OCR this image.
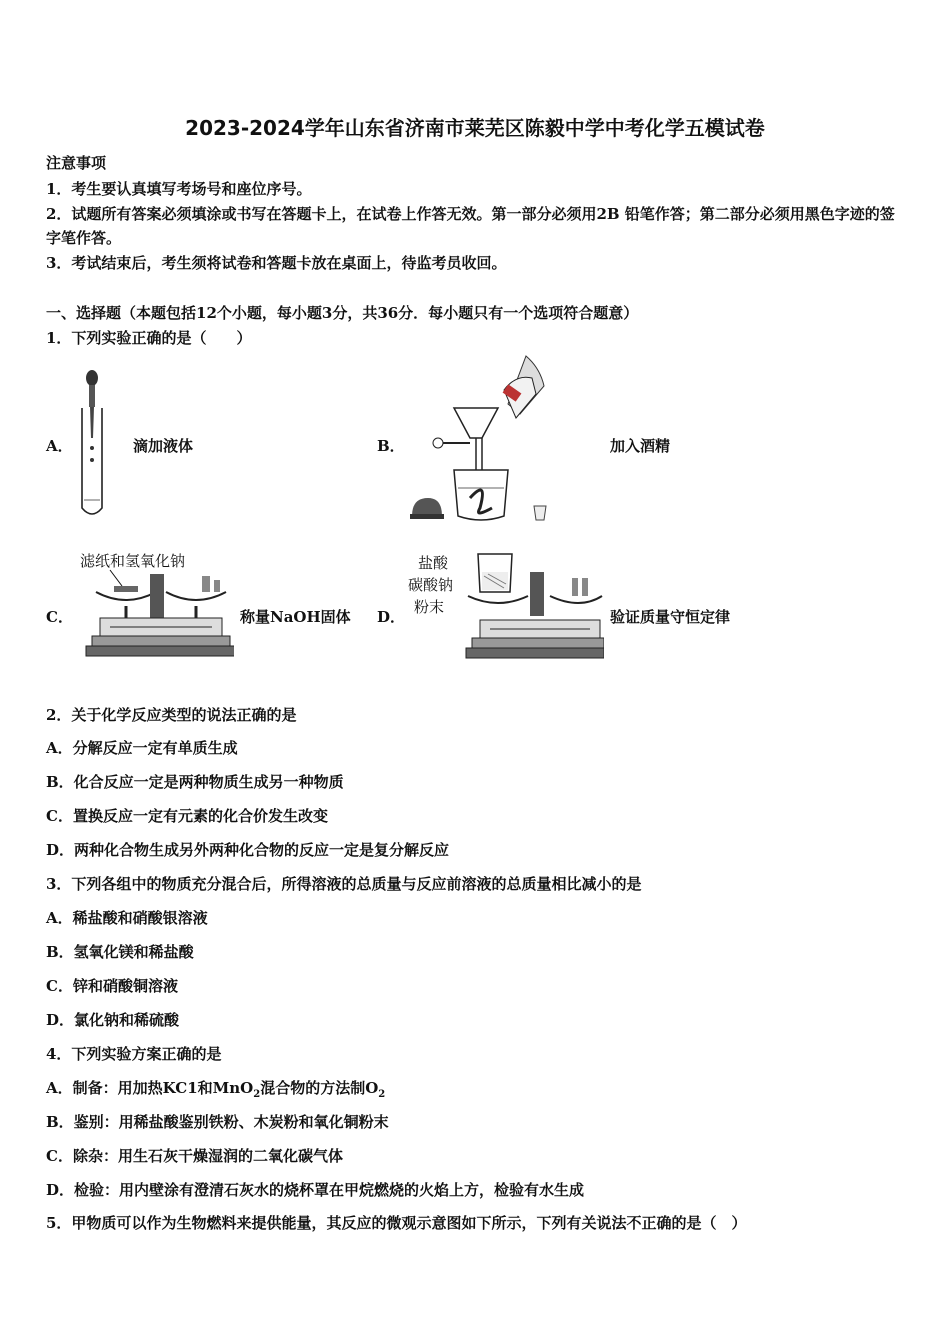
2023-2024学年山东省济南市莱芜区陈毅中学中考化学五模试卷
注意事项
1．考生要认真填写考场号和座位序号。
2．试题所有答案必须填涂或书写在答题卡上，在试卷上作答无效。第一部分必须用2B 铅笔作答；第二部分必须用黑色字迹的签字笔作答。
3．考试结束后，考生须将试卷和答题卡放在桌面上，待监考员收回。
一、选择题（本题包括12个小题，每小题3分，共36分．每小题只有一个选项符合题意）
1．下列实验正确的是（　　）
A．	滴加液体	B．	加入酒精
C．
滤纸和氢氧化钠
称量NaOH固体 D．
盐酸
碳酸钠
粉末
验证质量守恒定律
2．关于化学反应类型的说法正确的是
A．分解反应一定有单质生成
B．化合反应一定是两种物质生成另一种物质
C．置换反应一定有元素的化合价发生改变
D．两种化合物生成另外两种化合物的反应一定是复分解反应
3．下列各组中的物质充分混合后，所得溶液的总质量与反应前溶液的总质量相比减小的是
A．稀盐酸和硝酸银溶液
B．氢氧化镁和稀盐酸
C．锌和硝酸铜溶液
D．氯化钠和稀硫酸
4．下列实验方案正确的是
A．制备：用加热KC1和MnO$_2$混合物的方法制$O_2$
B．鉴别：用稀盐酸鉴别铁粉、木炭粉和氧化铜粉末
C．除杂：用生石灰干燥湿润的二氧化碳气体
D．检验：用内壁涂有澄清石灰水的烧杯罩在甲烷燃烧的火焰上方，检验有水生成
5．甲物质可以作为生物燃料来提供能量，其反应的微观示意图如下所示，下列有关说法不正确的是（　）
